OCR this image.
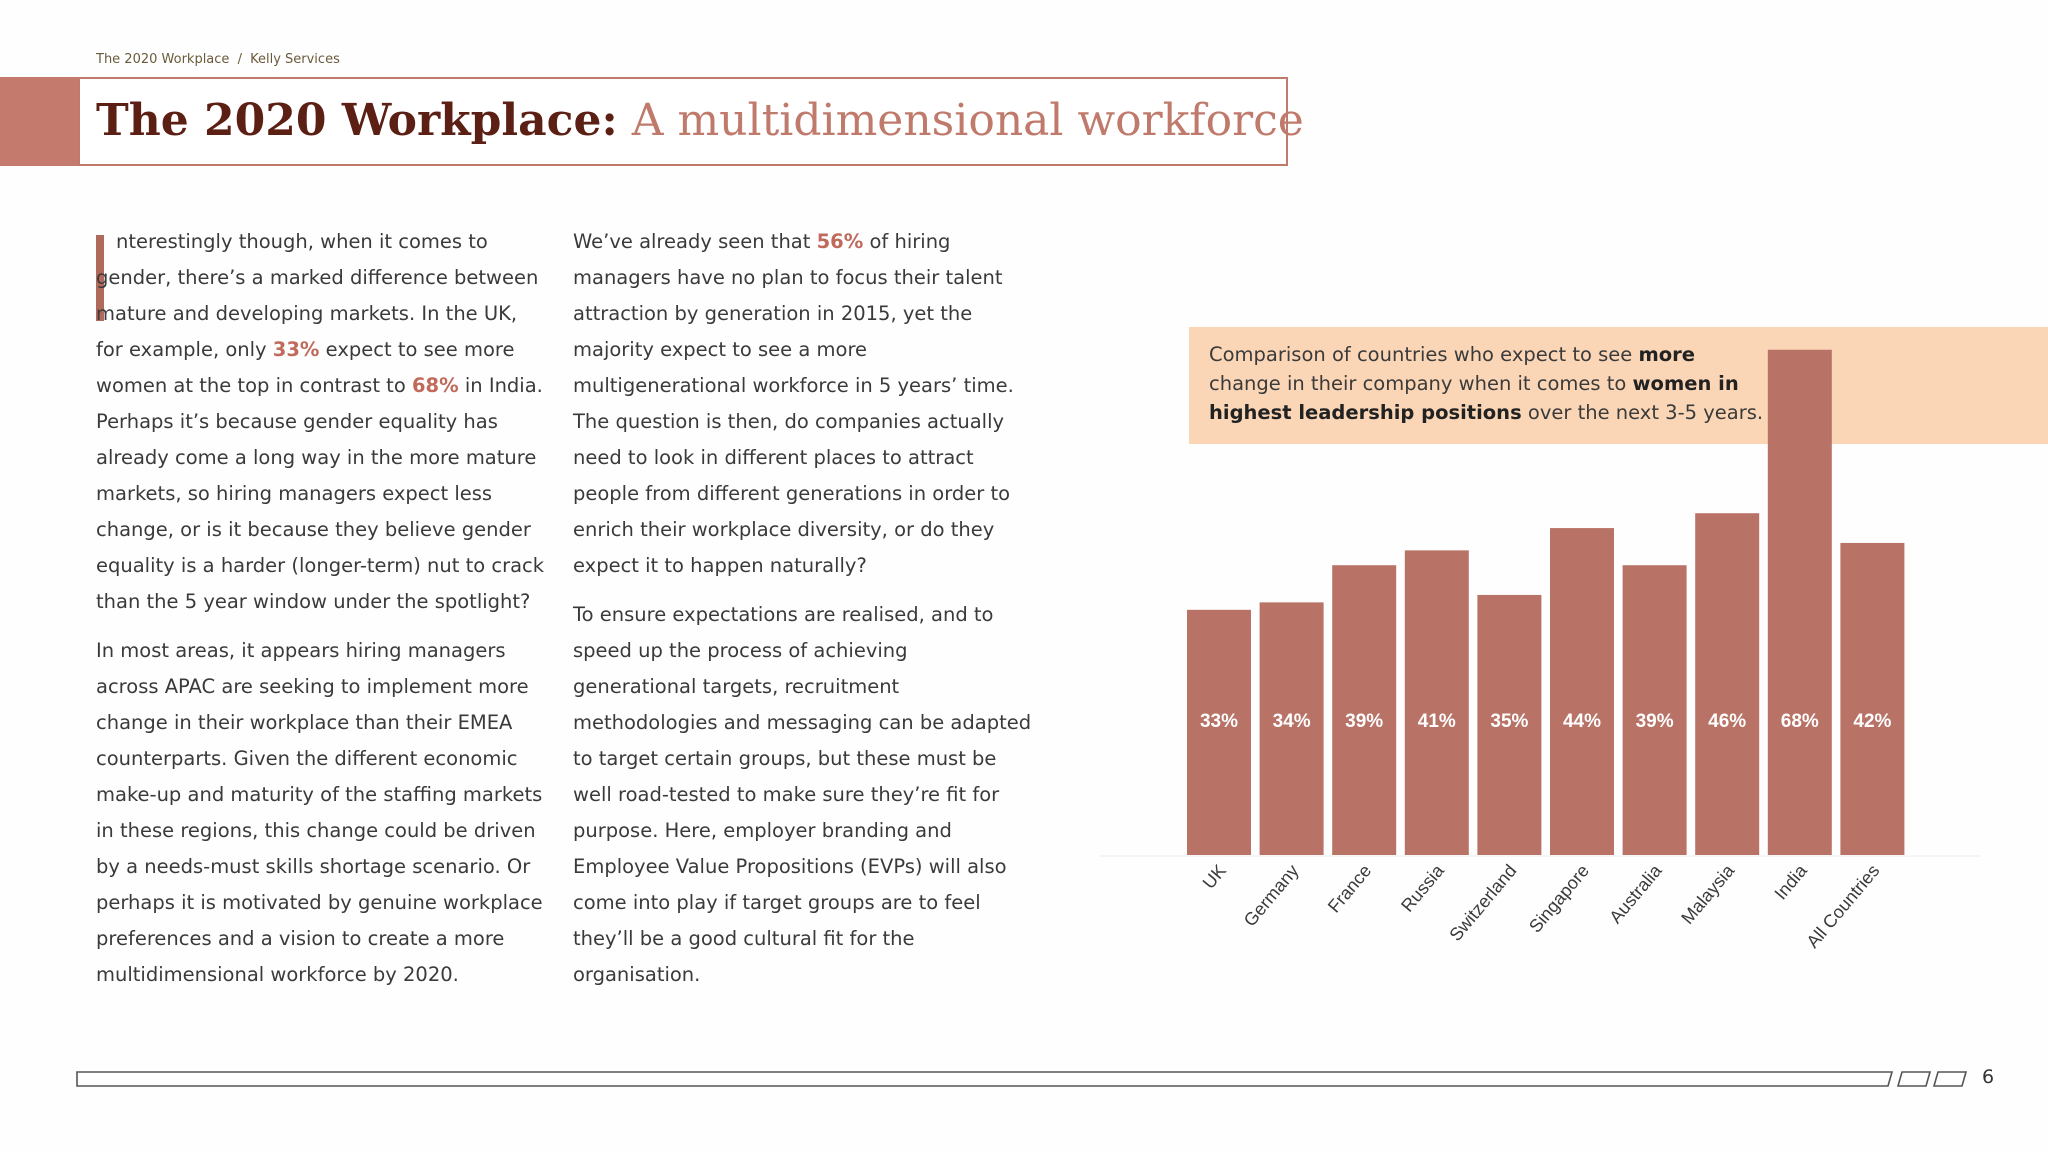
The 2020 Workplace / Kelly Services
The 2020 Workplace: A multidimensional workforce

nterestingly though, when it comes to gender, there’s a marked difference between mature and developing markets. In the UK, for example, only 33% expect to see more women at the top in contrast to 68% in India. Perhaps it’s because gender equality has already come a long way in the more mature markets, so hiring managers expect less change, or is it because they believe gender equality is a harder (longer-term) nut to crack than the 5 year window under the spotlight?

In most areas, it appears hiring managers across APAC are seeking to implement more change in their workplace than their EMEA counterparts. Given the different economic make-up and maturity of the staffing markets in these regions, this change could be driven by a needs-must skills shortage scenario. Or perhaps it is motivated by genuine workplace preferences and a vision to create a more multidimensional workforce by 2020.

We’ve already seen that 56% of hiring managers have no plan to focus their talent attraction by generation in 2015, yet the majority expect to see a more multigenerational workforce in 5 years’ time. The question is then, do companies actually need to look in different places to attract people from different generations in order to enrich their workplace diversity, or do they expect it to happen naturally?

To ensure expectations are realised, and to speed up the process of achieving generational targets, recruitment methodologies and messaging can be adapted to target certain groups, but these must be well road-tested to make sure they’re fit for purpose. Here, employer branding and Employee Value Propositions (EVPs) will also come into play if target groups are to feel they’ll be a good cultural fit for the organisation.

Comparison of countries who expect to see more change in their company when it comes to women in highest leadership positions over the next 3-5 years.
33%
UK
34%
Germany
39%
France
41%
Russia
35%
Switzerland
44%
Singapore
39%
Australia
46%
Malaysia
68%
India
42%
All Countries
6
